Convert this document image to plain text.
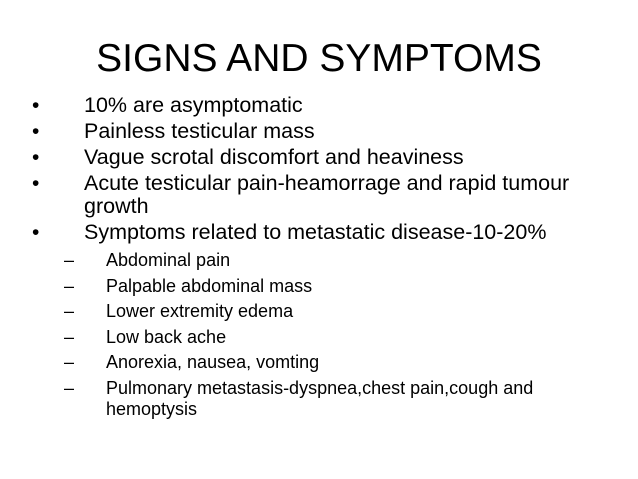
SIGNS AND SYMPTOMS
•	10% are asymptomatic
•	Painless testicular mass
•	Vague scrotal discomfort and heaviness
•	Acute testicular pain-heamorrage and rapid tumour growth
•	Symptoms related to metastatic disease-10-20%
–	Abdominal pain
–	Palpable abdominal mass
–	Lower extremity edema
–	Low back ache
–	Anorexia, nausea, vomting
–	Pulmonary metastasis-dyspnea,chest pain,cough and hemoptysis
